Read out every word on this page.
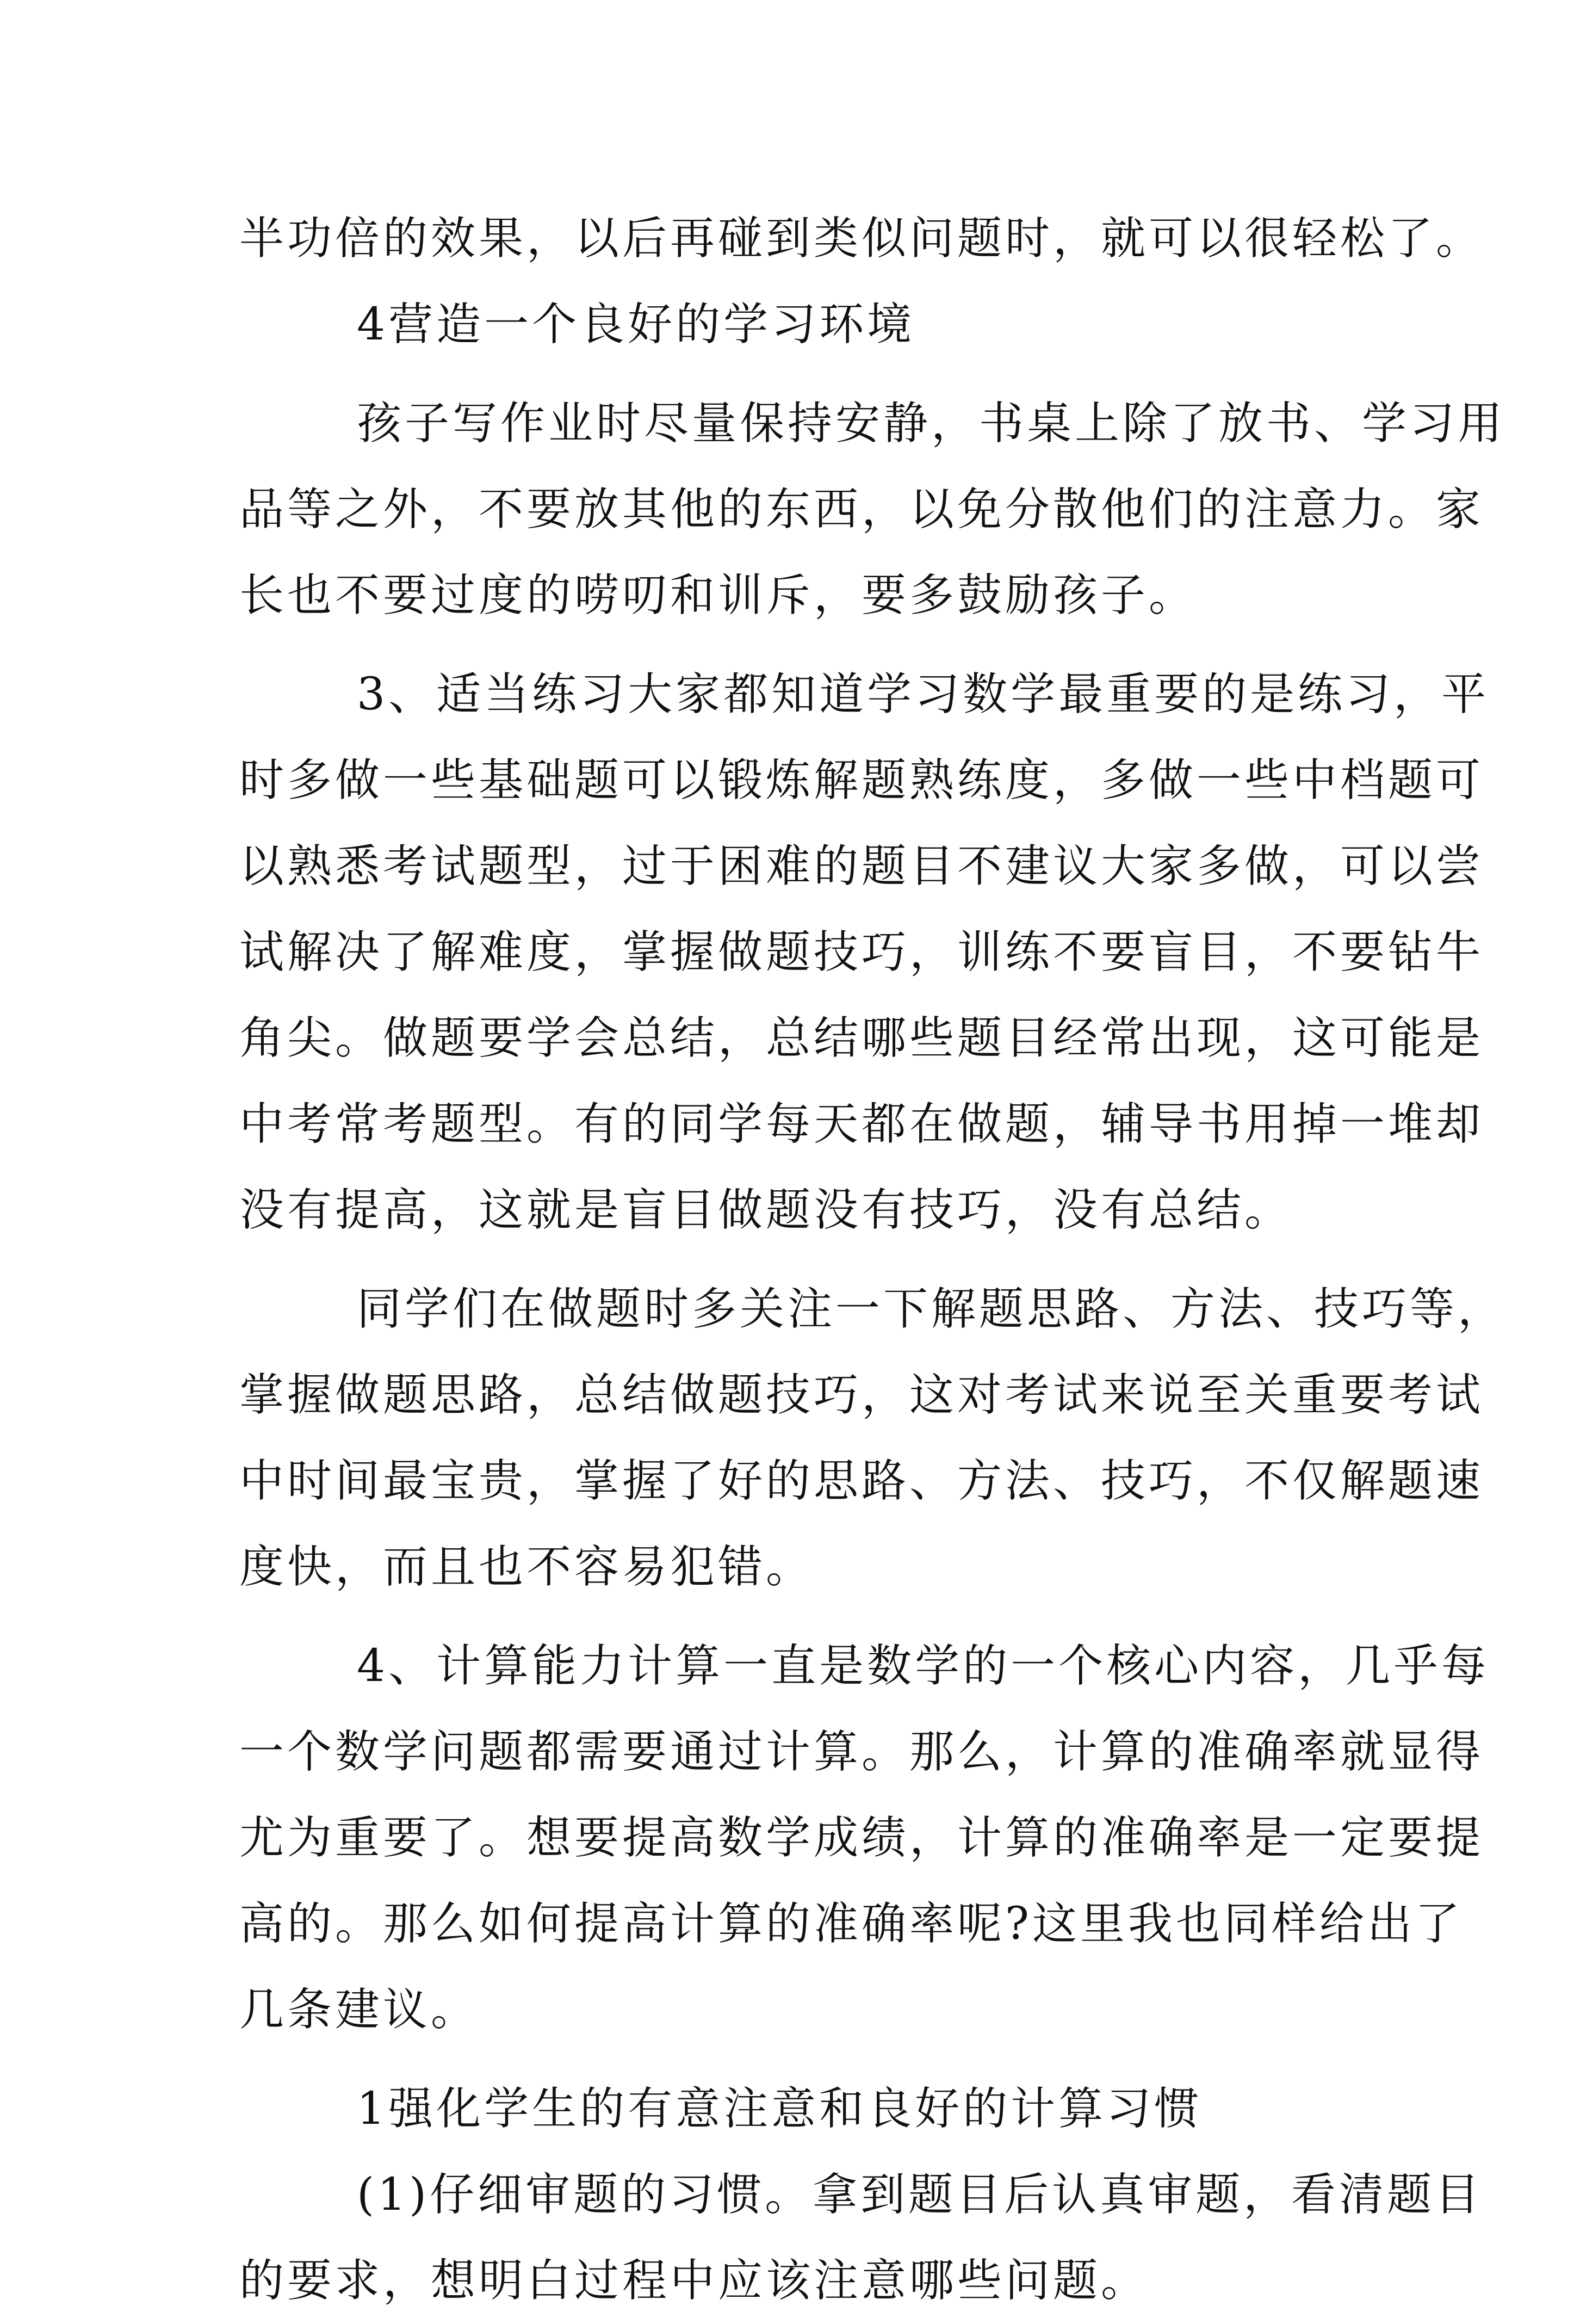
半功倍的效果，以后再碰到类似问题时，就可以很轻松了。
4营造一个良好的学习环境
孩子写作业时尽量保持安静，书桌上除了放书、学习用
品等之外，不要放其他的东西，以免分散他们的注意力。家
长也不要过度的唠叨和训斥，要多鼓励孩子。
3、适当练习大家都知道学习数学最重要的是练习，平
时多做一些基础题可以锻炼解题熟练度，多做一些中档题可
以熟悉考试题型，过于困难的题目不建议大家多做，可以尝
试解决了解难度，掌握做题技巧，训练不要盲目，不要钻牛
角尖。做题要学会总结，总结哪些题目经常出现，这可能是
中考常考题型。有的同学每天都在做题，辅导书用掉一堆却
没有提高，这就是盲目做题没有技巧，没有总结。
同学们在做题时多关注一下解题思路、方法、技巧等，
掌握做题思路，总结做题技巧，这对考试来说至关重要考试
中时间最宝贵，掌握了好的思路、方法、技巧，不仅解题速
度快，而且也不容易犯错。
4、计算能力计算一直是数学的一个核心内容，几乎每
一个数学问题都需要通过计算。那么，计算的准确率就显得
尤为重要了。想要提高数学成绩，计算的准确率是一定要提
高的。那么如何提高计算的准确率呢?这里我也同样给出了
几条建议。
1强化学生的有意注意和良好的计算习惯
(1)仔细审题的习惯。拿到题目后认真审题，看清题目
的要求，想明白过程中应该注意哪些问题。
